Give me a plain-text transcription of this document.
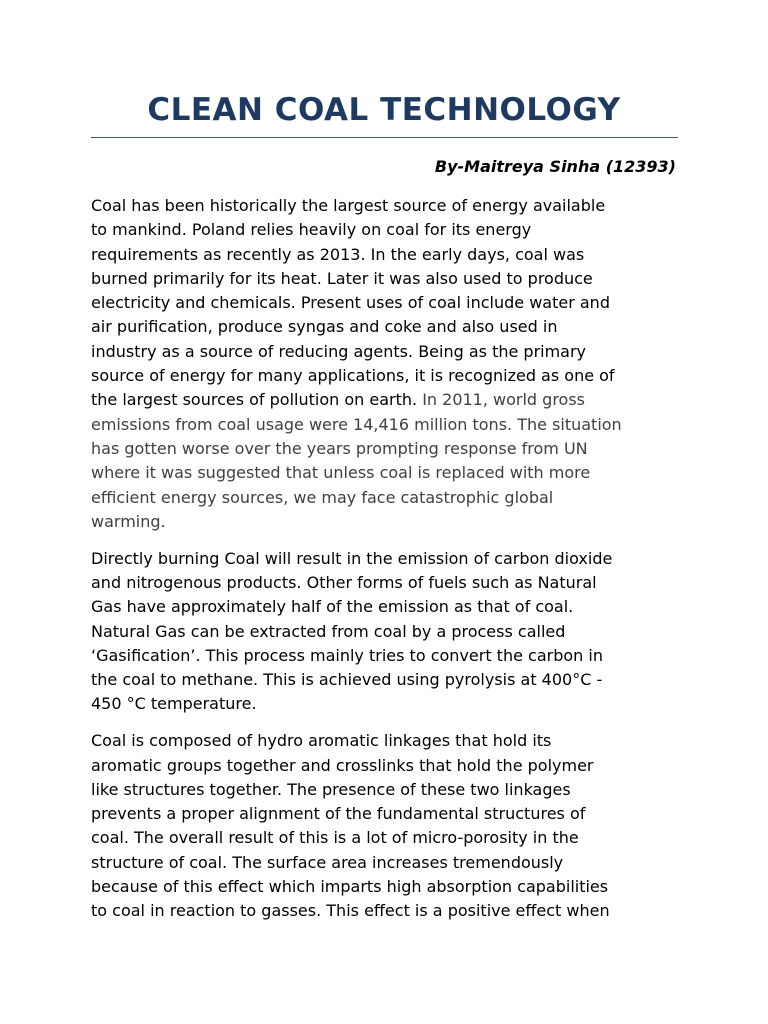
CLEAN COAL TECHNOLOGY

By-Maitreya Sinha (12393)

Coal has been historically the largest source of energy available
to mankind. Poland relies heavily on coal for its energy
requirements as recently as 2013. In the early days, coal was
burned primarily for its heat. Later it was also used to produce
electricity and chemicals. Present uses of coal include water and
air purification, produce syngas and coke and also used in
industry as a source of reducing agents. Being as the primary
source of energy for many applications, it is recognized as one of
the largest sources of pollution on earth. In 2011, world gross
emissions from coal usage were 14,416 million tons. The situation
has gotten worse over the years prompting response from UN
where it was suggested that unless coal is replaced with more
efficient energy sources, we may face catastrophic global
warming.

Directly burning Coal will result in the emission of carbon dioxide
and nitrogenous products. Other forms of fuels such as Natural
Gas have approximately half of the emission as that of coal.
Natural Gas can be extracted from coal by a process called
‘Gasification’. This process mainly tries to convert the carbon in
the coal to methane. This is achieved using pyrolysis at 400°C -
450 °C temperature.

Coal is composed of hydro aromatic linkages that hold its
aromatic groups together and crosslinks that hold the polymer
like structures together. The presence of these two linkages
prevents a proper alignment of the fundamental structures of
coal. The overall result of this is a lot of micro-porosity in the
structure of coal. The surface area increases tremendously
because of this effect which imparts high absorption capabilities
to coal in reaction to gasses. This effect is a positive effect when
